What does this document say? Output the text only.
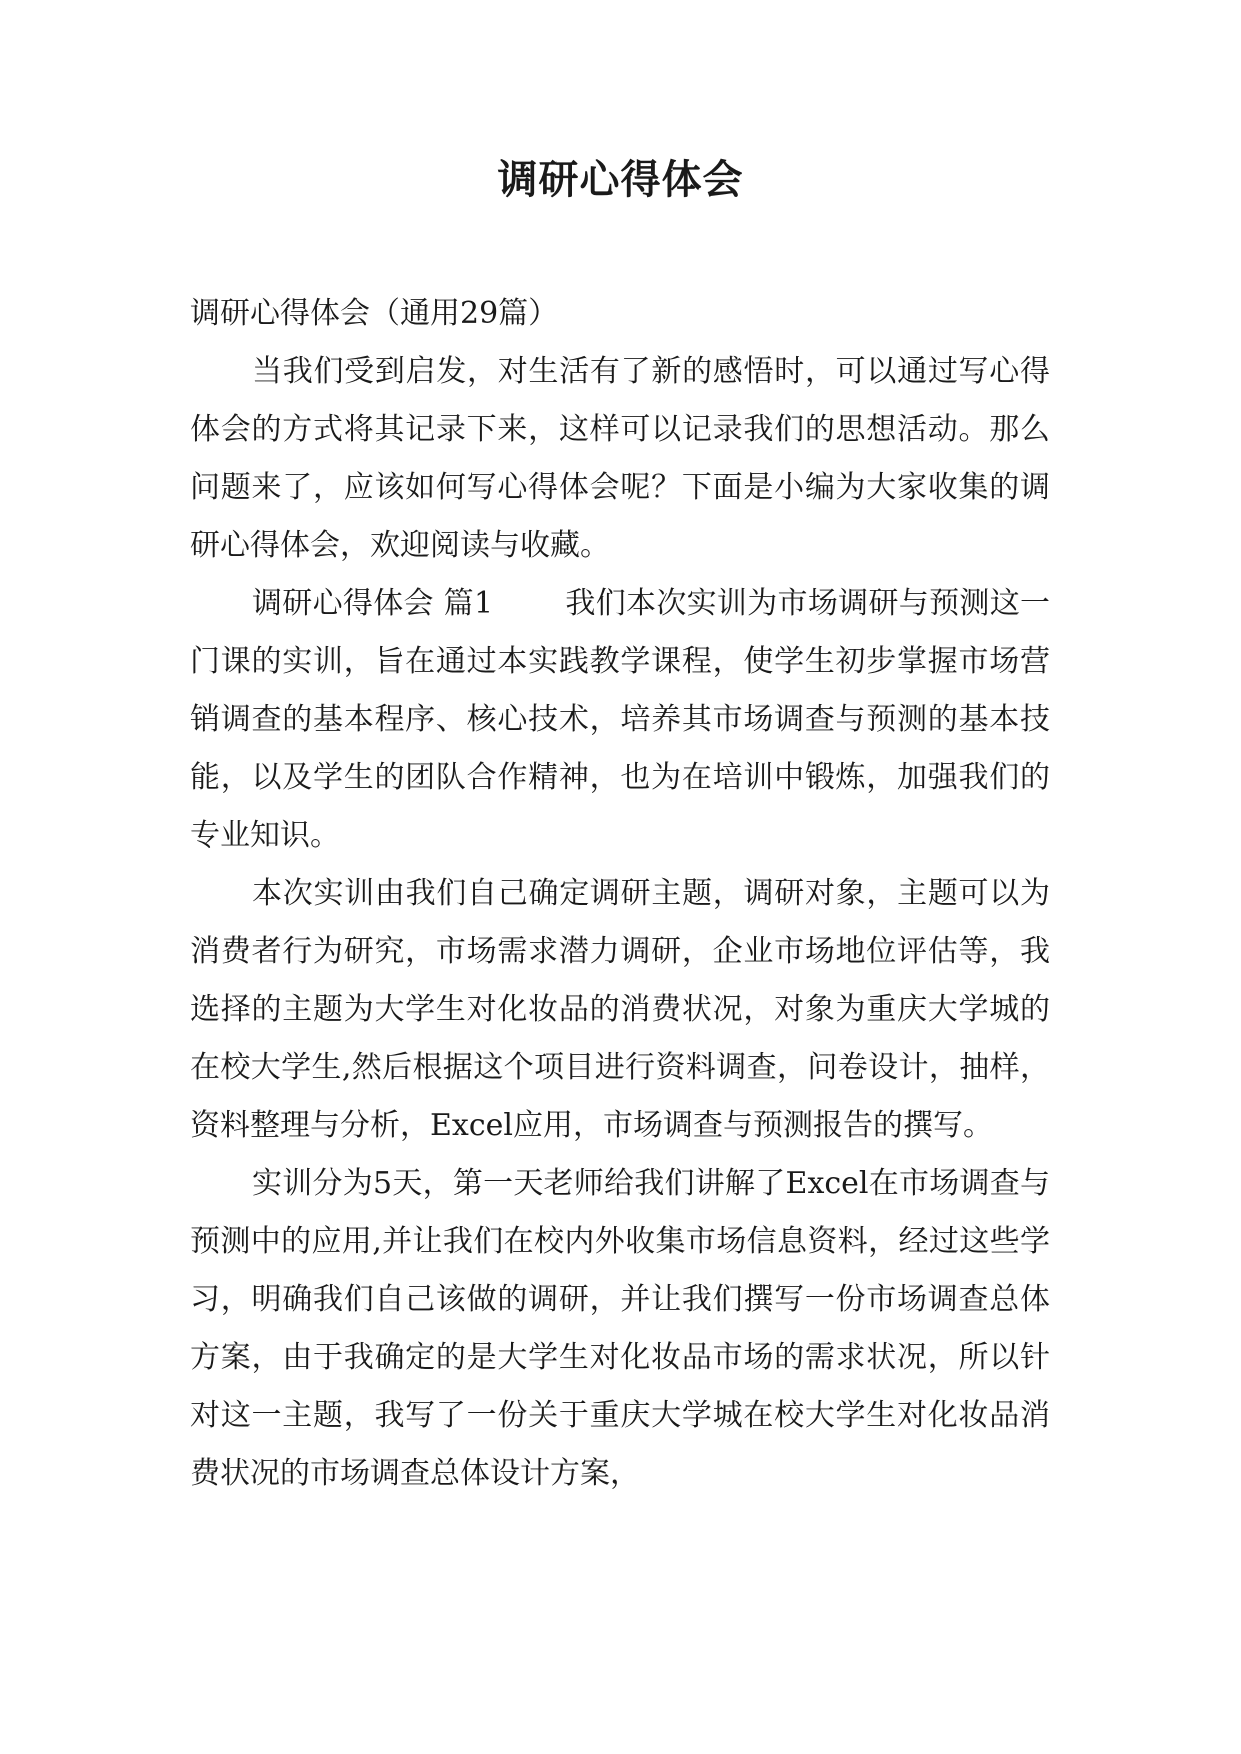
调研心得体会

调研心得体会（通用29篇）

当我们受到启发，对生活有了新的感悟时，可以通过写心得体会的方式将其记录下来，这样可以记录我们的思想活动。那么问题来了，应该如何写心得体会呢？下面是小编为大家收集的调研心得体会，欢迎阅读与收藏。

调研心得体会 篇1 我们本次实训为市场调研与预测这一门课的实训，旨在通过本实践教学课程，使学生初步掌握市场营销调查的基本程序、核心技术，培养其市场调查与预测的基本技能，以及学生的团队合作精神，也为在培训中锻炼，加强我们的专业知识。

本次实训由我们自己确定调研主题，调研对象，主题可以为消费者行为研究，市场需求潜力调研，企业市场地位评估等，我选择的主题为大学生对化妆品的消费状况，对象为重庆大学城的在校大学生,然后根据这个项目进行资料调查，问卷设计，抽样，资料整理与分析，Excel应用，市场调查与预测报告的撰写。

实训分为5天，第一天老师给我们讲解了Excel在市场调查与预测中的应用,并让我们在校内外收集市场信息资料，经过这些学习，明确我们自己该做的调研，并让我们撰写一份市场调查总体方案，由于我确定的是大学生对化妆品市场的需求状况，所以针对这一主题，我写了一份关于重庆大学城在校大学生对化妆品消费状况的市场调查总体设计方案，
